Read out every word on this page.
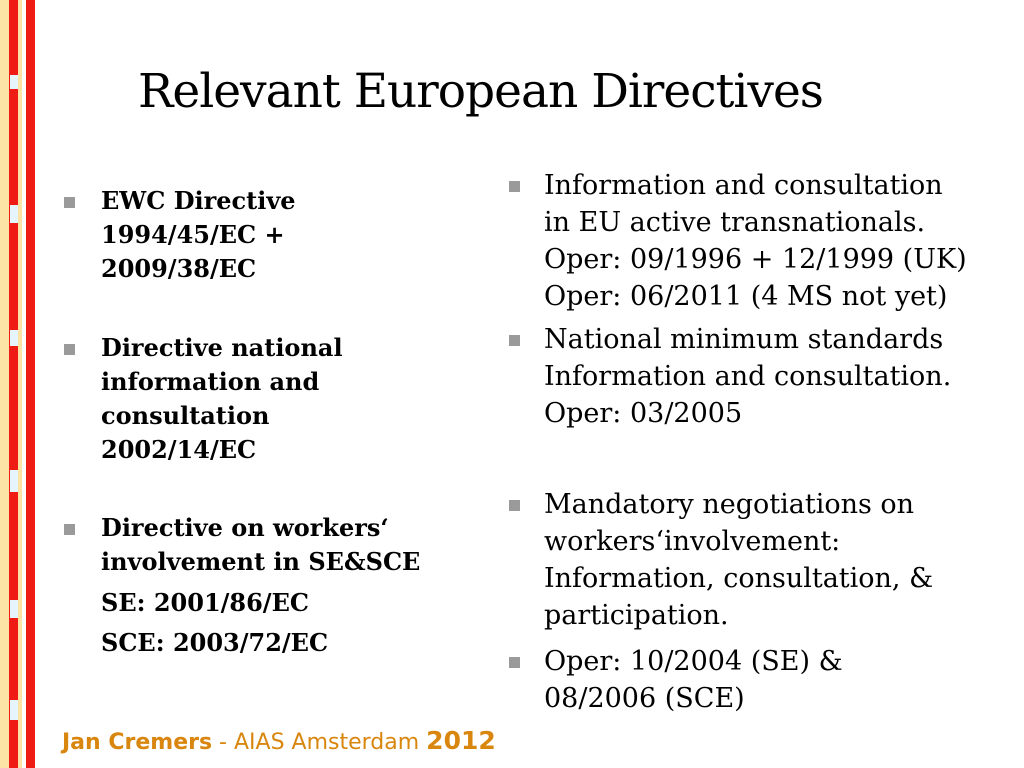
Relevant European Directives
EWC Directive
1994/45/EC +
2009/38/EC
Directive national
information and
consultation
2002/14/EC
Directive on workers‘
involvement in SE&SCE
SE: 2001/86/EC
SCE: 2003/72/EC
Information and consultation
in EU active transnationals.
Oper: 09/1996 + 12/1999 (UK)
Oper: 06/2011 (4 MS not yet)
National minimum standards
Information and consultation.
Oper: 03/2005
Mandatory negotiations on
workers‘involvement:
Information, consultation, &
participation.
Oper: 10/2004 (SE) &
08/2006 (SCE)
Jan Cremers - AIAS Amsterdam 2012
